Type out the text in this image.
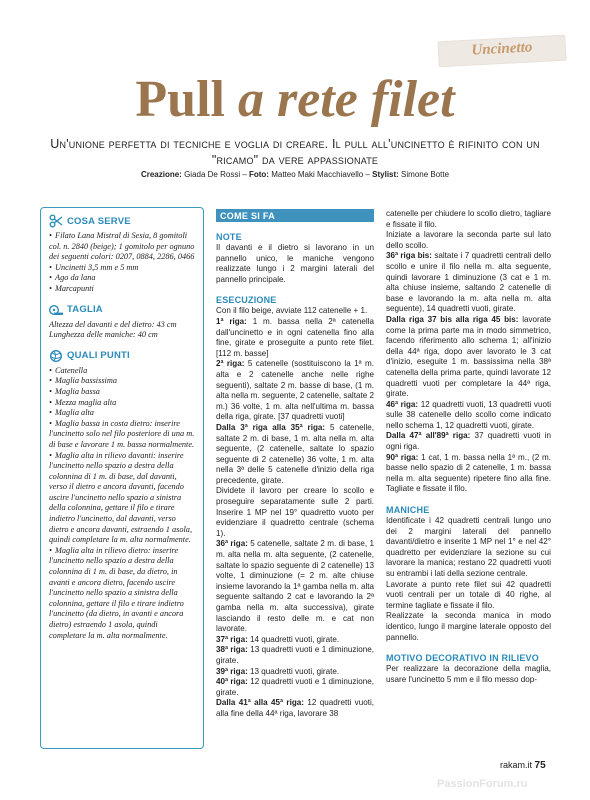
Uncinetto
Pull a rete filet
Un'unione perfetta di tecniche e voglia di creare. Il pull all'uncinetto è rifinito con un "ricamo" da vere appassionate
Creazione: Giada De Rossi – Foto: Matteo Maki Macchiavello – Stylist: Simone Botte
COSA SERVE
• Filato Lana Mistral di Sesia, 8 gomitoli col. n. 2840 (beige); 1 gomitolo per ognuno dei seguenti colori: 0207, 0884, 2286, 0466
• Uncinetti 3,5 mm e 5 mm
• Ago da lana
• Marcapunti
TAGLIA

Altezza del davanti e del dietro: 43 cm Lunghezza delle maniche: 40 cm

QUALI PUNTI
• Catenella
• Maglia bassissima
• Maglia bassa
• Mezza maglia alta
• Maglia alta
• Maglia bassa in costa dietro: inserire l'uncinetto solo nel filo posteriore di una m. di base e lavorare 1 m. bassa normalmente.
• Maglia alta in rilievo davanti: inserire l'uncinetto nello spazio a destra della colonnina di 1 m. di base, dal davanti, verso il dietro e ancora davanti, facendo uscire l'uncinetto nello spazio a sinistra della colonnina, gettare il filo e tirare indietro l'uncinetto, dal davanti, verso dietro e ancora davanti, estraendo 1 asola, quindi completare la m. alta normalmente.
• Maglia alta in rilievo dietro: inserire l'uncinetto nello spazio a destra della colonnina di 1 m. di base, da dietro, in avanti e ancora dietro, facendo uscire l'uncinetto nello spazio a sinistra della colonnina, gettare il filo e tirare indietro l'uncinetto (da dietro, in avanti e ancora dietro) estraendo 1 asola, quindi completare la m. alta normalmente.
COME SI FA
NOTE

Il davanti e il dietro si lavorano in un pannello unico, le maniche vengono realizzate lungo i 2 margini laterali del pannello principale.

ESECUZIONE

Con il filo beige, avviate 112 catenelle + 1.

1ª riga: 1 m. bassa nella 2ª catenella dall'uncinetto e in ogni catenella fino alla fine, girate e proseguite a punto rete filet. [112 m. basse]

2ª riga: 5 catenelle (sostituiscono la 1ª m. alta e 2 catenelle anche nelle righe seguenti), saltate 2 m. basse di base, (1 m. alta nella m. seguente, 2 catenelle, saltate 2 m.) 36 volte, 1 m. alta nell'ultima m. bassa della riga, girate. [37 quadretti vuoti]

Dalla 3ª riga alla 35ª riga: 5 catenelle, saltate 2 m. di base, 1 m. alta nella m. alta seguente, (2 catenelle, saltate lo spazio seguente di 2 catenelle) 36 volte, 1 m. alta nella 3ª delle 5 catenelle d'inizio della riga precedente, girate.

Dividete il lavoro per creare lo scollo e proseguire separatamente sulle 2 parti. Inserire 1 MP nel 19° quadretto vuoto per evidenziare il quadretto centrale (schema 1).

36ª riga: 5 catenelle, saltate 2 m. di base, 1 m. alta nella m. alta seguente, (2 catenelle, saltate lo spazio seguente di 2 catenelle) 13 volte, 1 diminuzione (= 2 m. alte chiuse insieme lavorando la 1ª gamba nella m. alta seguente saltando 2 cat e lavorando la 2ª gamba nella m. alta successiva), girate lasciando il resto delle m. e cat non lavorate.

37ª riga: 14 quadretti vuoti, girate.

38ª riga: 13 quadretti vuoti e 1 diminuzione, girate.

39ª riga: 13 quadretti vuoti, girate.

40ª riga: 12 quadretti vuoti e 1 diminuzione, girate.

Dalla 41ª alla 45ª riga: 12 quadretti vuoti, alla fine della 44ª riga, lavorare 38

catenelle per chiudere lo scollo dietro, tagliare e fissate il filo.

Iniziate a lavorare la seconda parte sul lato dello scollo.

36ª riga bis: saltate i 7 quadretti centrali dello scollo e unire il filo nella m. alta seguente, quindi lavorare 1 diminuzione (3 cat e 1 m. alta chiuse insieme, saltando 2 catenelle di base e lavorando la m. alta nella m. alta seguente), 14 quadretti vuoti, girate.

Dalla riga 37 bis alla riga 45 bis: lavorate come la prima parte ma in modo simmetrico, facendo riferimento allo schema 1; all'inizio della 44ª riga, dopo aver lavorato le 3 cat d'inizio, eseguite 1 m. bassissima nella 38ª catenella della prima parte, quindi lavorate 12 quadretti vuoti per completare la 44ª riga, girate.

46ª riga: 12 quadretti vuoti, 13 quadretti vuoti sulle 38 catenelle dello scollo come indicato nello schema 1, 12 quadretti vuoti, girate.

Dalla 47ª all'89ª riga: 37 quadretti vuoti in ogni riga.

90ª riga: 1 cat, 1 m. bassa nella 1ª m., (2 m. basse nello spazio di 2 catenelle, 1 m. bassa nella m. alta seguente) ripetere fino alla fine. Tagliate e fissate il filo.

MANICHE

Identificate i 42 quadretti centrali lungo uno dei 2 margini laterali del pannello davanti/dietro e inserite 1 MP nel 1° e nel 42° quadretto per evidenziare la sezione su cui lavorare la manica; restano 22 quadretti vuoti su entrambi i lati della sezione centrale.

Lavorate a punto rete filet sui 42 quadretti vuoti centrali per un totale di 40 righe, al termine tagliate e fissate il filo.

Realizzate la seconda manica in modo identico, lungo il margine laterale opposto del pannello.

MOTIVO DECORATIVO IN RILIEVO

Per realizzare la decorazione della maglia, usare l'uncinetto 5 mm e il filo messo dop-

rakam.it 75
PassionForum.ru
